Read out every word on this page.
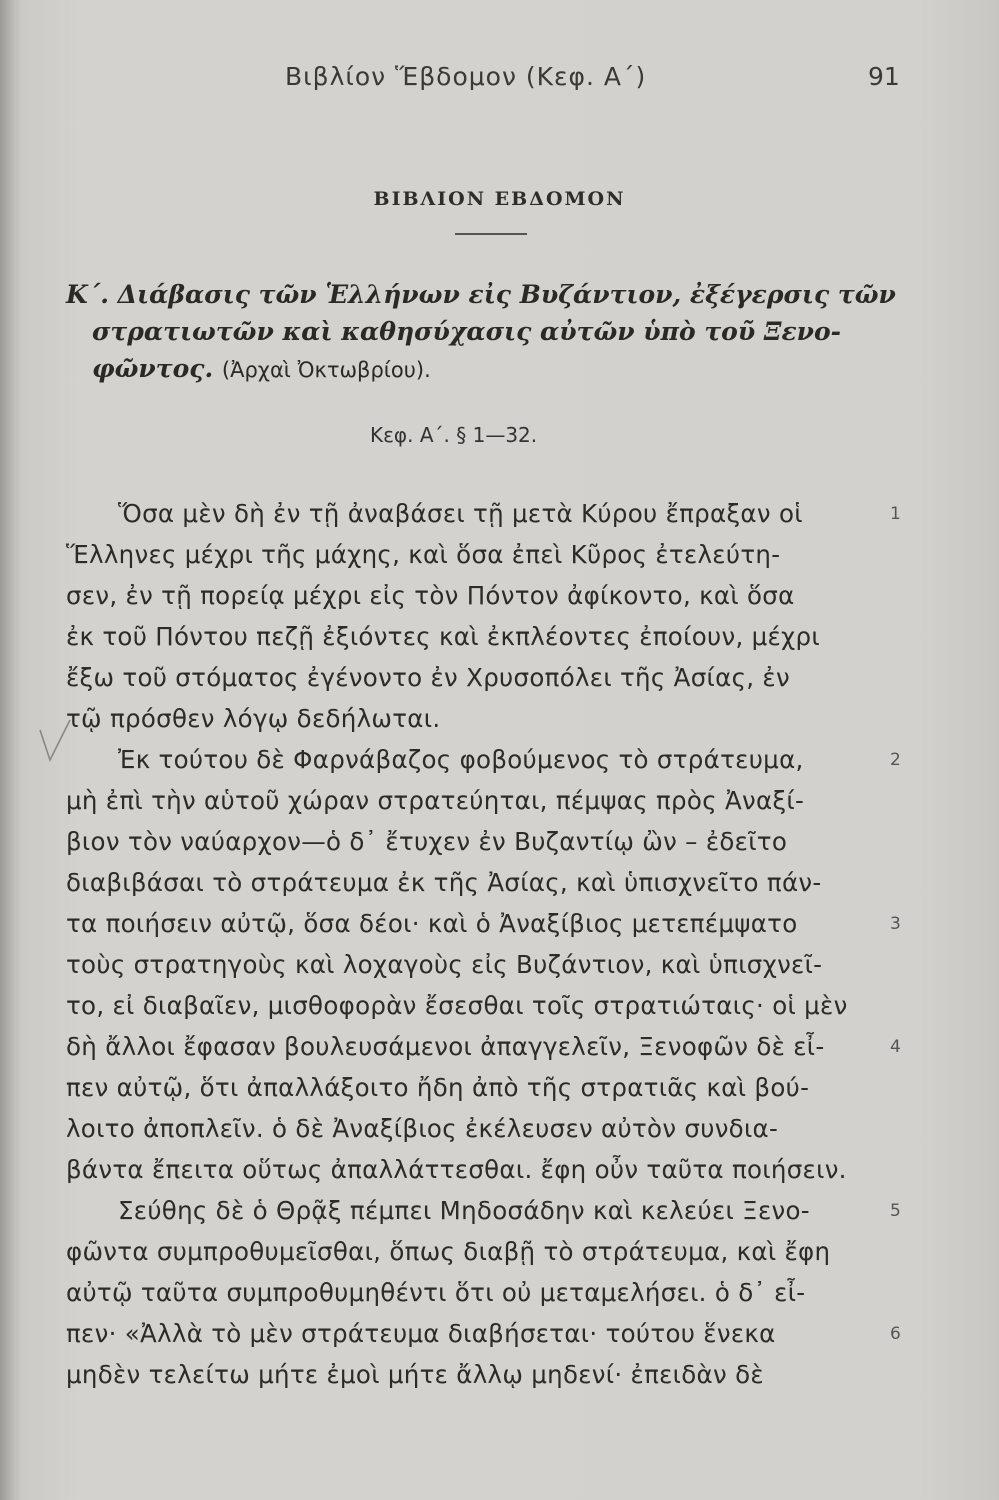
Βιβλίον Ἕβδομον (Κεφ. Α΄)	91
ΒΙΒΛΙΟΝ ΕΒΔΟΜΟΝ
Κ΄. Διάβασις τῶν Ἑλλήνων εἰς Βυζάντιον, ἐξέγερσις τῶν
στρατιωτῶν καὶ καθησύχασις αὐτῶν ὑπὸ τοῦ Ξενο-
φῶντος. (Ἀρχαὶ Ὀκτωβρίου).
Κεφ. Α΄. § 1—32.
Ὅσα μὲν δὴ ἐν τῇ ἀναβάσει τῇ μετὰ Κύρου ἔπραξαν οἱ
Ἕλληνες μέχρι τῆς μάχης, καὶ ὅσα ἐπεὶ Κῦρος ἐτελεύτη-
σεν, ἐν τῇ πορείᾳ μέχρι εἰς τὸν Πόντον ἀφίκοντο, καὶ ὅσα
ἐκ τοῦ Πόντου πεζῇ ἐξιόντες καὶ ἐκπλέοντες ἐποίουν, μέχρι
ἔξω τοῦ στόματος ἐγένοντο ἐν Χρυσοπόλει τῆς Ἀσίας, ἐν
τῷ πρόσθεν λόγῳ δεδήλωται.
Ἐκ τούτου δὲ Φαρνάβαζος φοβούμενος τὸ στράτευμα,
μὴ ἐπὶ τὴν αὑτοῦ χώραν στρατεύηται, πέμψας πρὸς Ἀναξί-
βιον τὸν ναύαρχον—ὁ δ᾽ ἔτυχεν ἐν Βυζαντίῳ ὢν – ἐδεῖτο
διαβιβάσαι τὸ στράτευμα ἐκ τῆς Ἀσίας, καὶ ὑπισχνεῖτο πάν-
τα ποιήσειν αὐτῷ, ὅσα δέοι· καὶ ὁ Ἀναξίβιος μετεπέμψατο
τοὺς στρατηγοὺς καὶ λοχαγοὺς εἰς Βυζάντιον, καὶ ὑπισχνεῖ-
το, εἰ διαβαῖεν, μισθοφορὰν ἔσεσθαι τοῖς στρατιώταις· οἱ μὲν
δὴ ἄλλοι ἔφασαν βουλευσάμενοι ἀπαγγελεῖν, Ξενοφῶν δὲ εἶ-
πεν αὐτῷ, ὅτι ἀπαλλάξοιτο ἤδη ἀπὸ τῆς στρατιᾶς καὶ βού-
λοιτο ἀποπλεῖν. ὁ δὲ Ἀναξίβιος ἐκέλευσεν αὐτὸν συνδια-
βάντα ἔπειτα οὕτως ἀπαλλάττεσθαι. ἔφη οὖν ταῦτα ποιήσειν.
Σεύθης δὲ ὁ Θρᾷξ πέμπει Μηδοσάδην καὶ κελεύει Ξενο-
φῶντα συμπροθυμεῖσθαι, ὅπως διαβῇ τὸ στράτευμα, καὶ ἔφη
αὐτῷ ταῦτα συμπροθυμηθέντι ὅτι οὐ μεταμελήσει. ὁ δ᾽ εἶ-
πεν· «Ἀλλὰ τὸ μὲν στράτευμα διαβήσεται· τούτου ἕνεκα
μηδὲν τελείτω μήτε ἐμοὶ μήτε ἄλλῳ μηδενί· ἐπειδὰν δὲ
1
2
3
4
5
6
